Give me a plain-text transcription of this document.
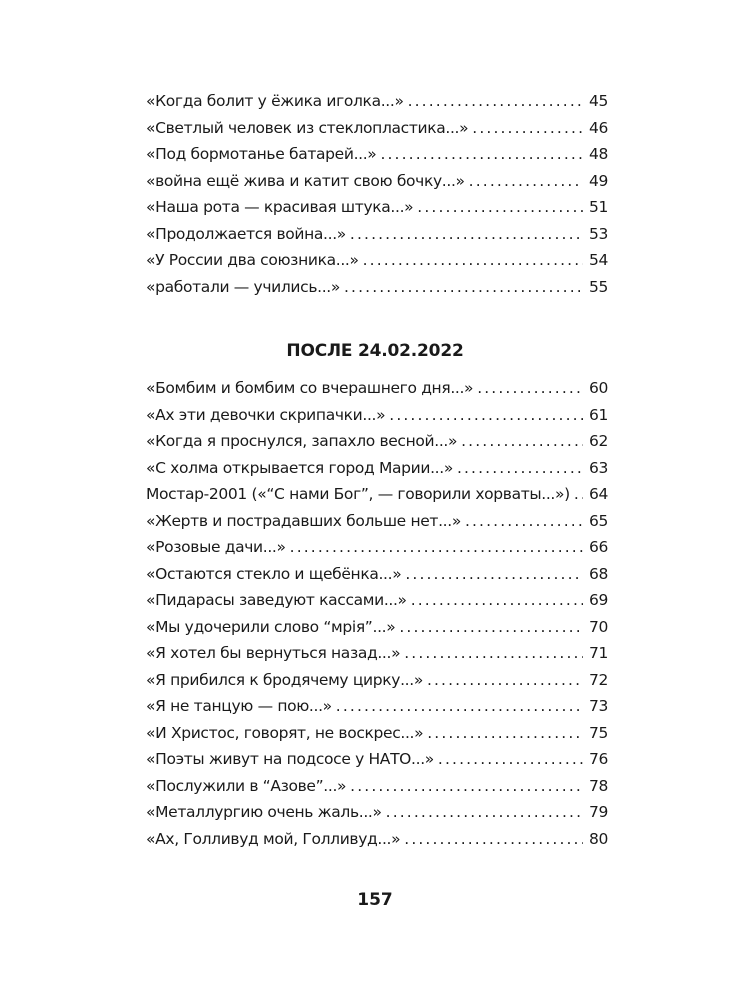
«Когда болит у ёжика иголка...» . . .	45
«Светлый человек из стеклопластика...» . . .	46
«Под бормотанье батарей...» . . .	48
«война ещё жива и катит свою бочку...» . . .	49
«Наша рота — красивая штука...» . . .	51
«Продолжается война...» . . .	53
«У России два союзника...» . . .	54
«работали — учились...» . . .	55
ПОСЛЕ 24.02.2022
«Бомбим и бомбим со вчерашнего дня...» . . .	60
«Ах эти девочки скрипачки...» . . .	61
«Когда я проснулся, запахло весной...» . . .	62
«С холма открывается город Марии...» . . .	63
Мостар-2001 («“С нами Бог”, — говорили хорваты...») . . . 64
«Жертв и пострадавших больше нет...» . . .	65
«Розовые дачи...» . . .	66
«Остаются стекло и щебёнка...» . . .	68
«Пидарасы заведуют кассами...» . . .	69
«Мы удочерили слово “мрія”...» . . .	70
«Я хотел бы вернуться назад...» . . .	71
«Я прибился к бродячему цирку...» . . .	72
«Я не танцую — пою...» . . .	73
«И Христос, говорят, не воскрес...» . . .	75
«Поэты живут на подсосе у НАТО...» . . .	76
«Послужили в “Азове”...» . . .	78
«Металлургию очень жаль...» . . .	79
«Ах, Голливуд мой, Голливуд...» . . .	80
157
